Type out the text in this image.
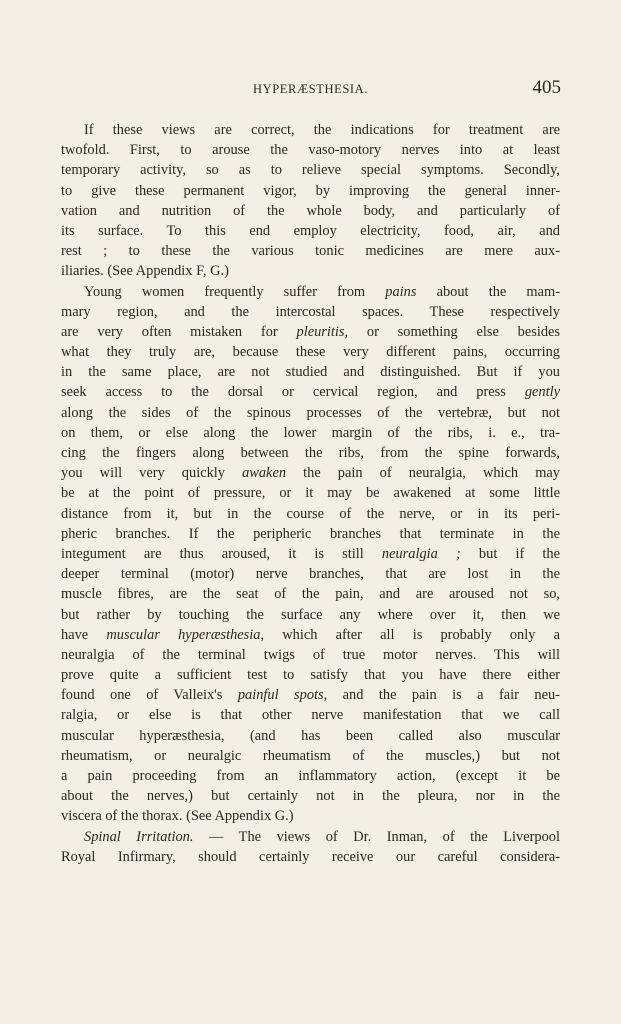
HYPERÆSTHESIA.	405
If these views are correct, the indications for treatment are
twofold. First, to arouse the vaso-motory nerves into at least
temporary activity, so as to relieve special symptoms. Secondly,
to give these permanent vigor, by improving the general inner-
vation and nutrition of the whole body, and particularly of
its surface. To this end employ electricity, food, air, and
rest ; to these the various tonic medicines are mere aux-
iliaries. (See Appendix F, G.)
Young women frequently suffer from pains about the mam-
mary region, and the intercostal spaces. These respectively
are very often mistaken for pleuritis, or something else besides
what they truly are, because these very different pains, occurring
in the same place, are not studied and distinguished. But if you
seek access to the dorsal or cervical region, and press gently
along the sides of the spinous processes of the vertebræ, but not
on them, or else along the lower margin of the ribs, i. e., tra-
cing the fingers along between the ribs, from the spine forwards,
you will very quickly awaken the pain of neuralgia, which may
be at the point of pressure, or it may be awakened at some little
distance from it, but in the course of the nerve, or in its peri-
pheric branches. If the peripheric branches that terminate in the
integument are thus aroused, it is still neuralgia ; but if the
deeper terminal (motor) nerve branches, that are lost in the
muscle fibres, are the seat of the pain, and are aroused not so,
but rather by touching the surface any where over it, then we
have muscular hyperæsthesia, which after all is probably only a
neuralgia of the terminal twigs of true motor nerves. This will
prove quite a sufficient test to satisfy that you have there either
found one of Valleix's painful spots, and the pain is a fair neu-
ralgia, or else is that other nerve manifestation that we call
muscular hyperæsthesia, (and has been called also muscular
rheumatism, or neuralgic rheumatism of the muscles,) but not
a pain proceeding from an inflammatory action, (except it be
about the nerves,) but certainly not in the pleura, nor in the
viscera of the thorax. (See Appendix G.)
Spinal Irritation. — The views of Dr. Inman, of the Liverpool
Royal Infirmary, should certainly receive our careful considera-
